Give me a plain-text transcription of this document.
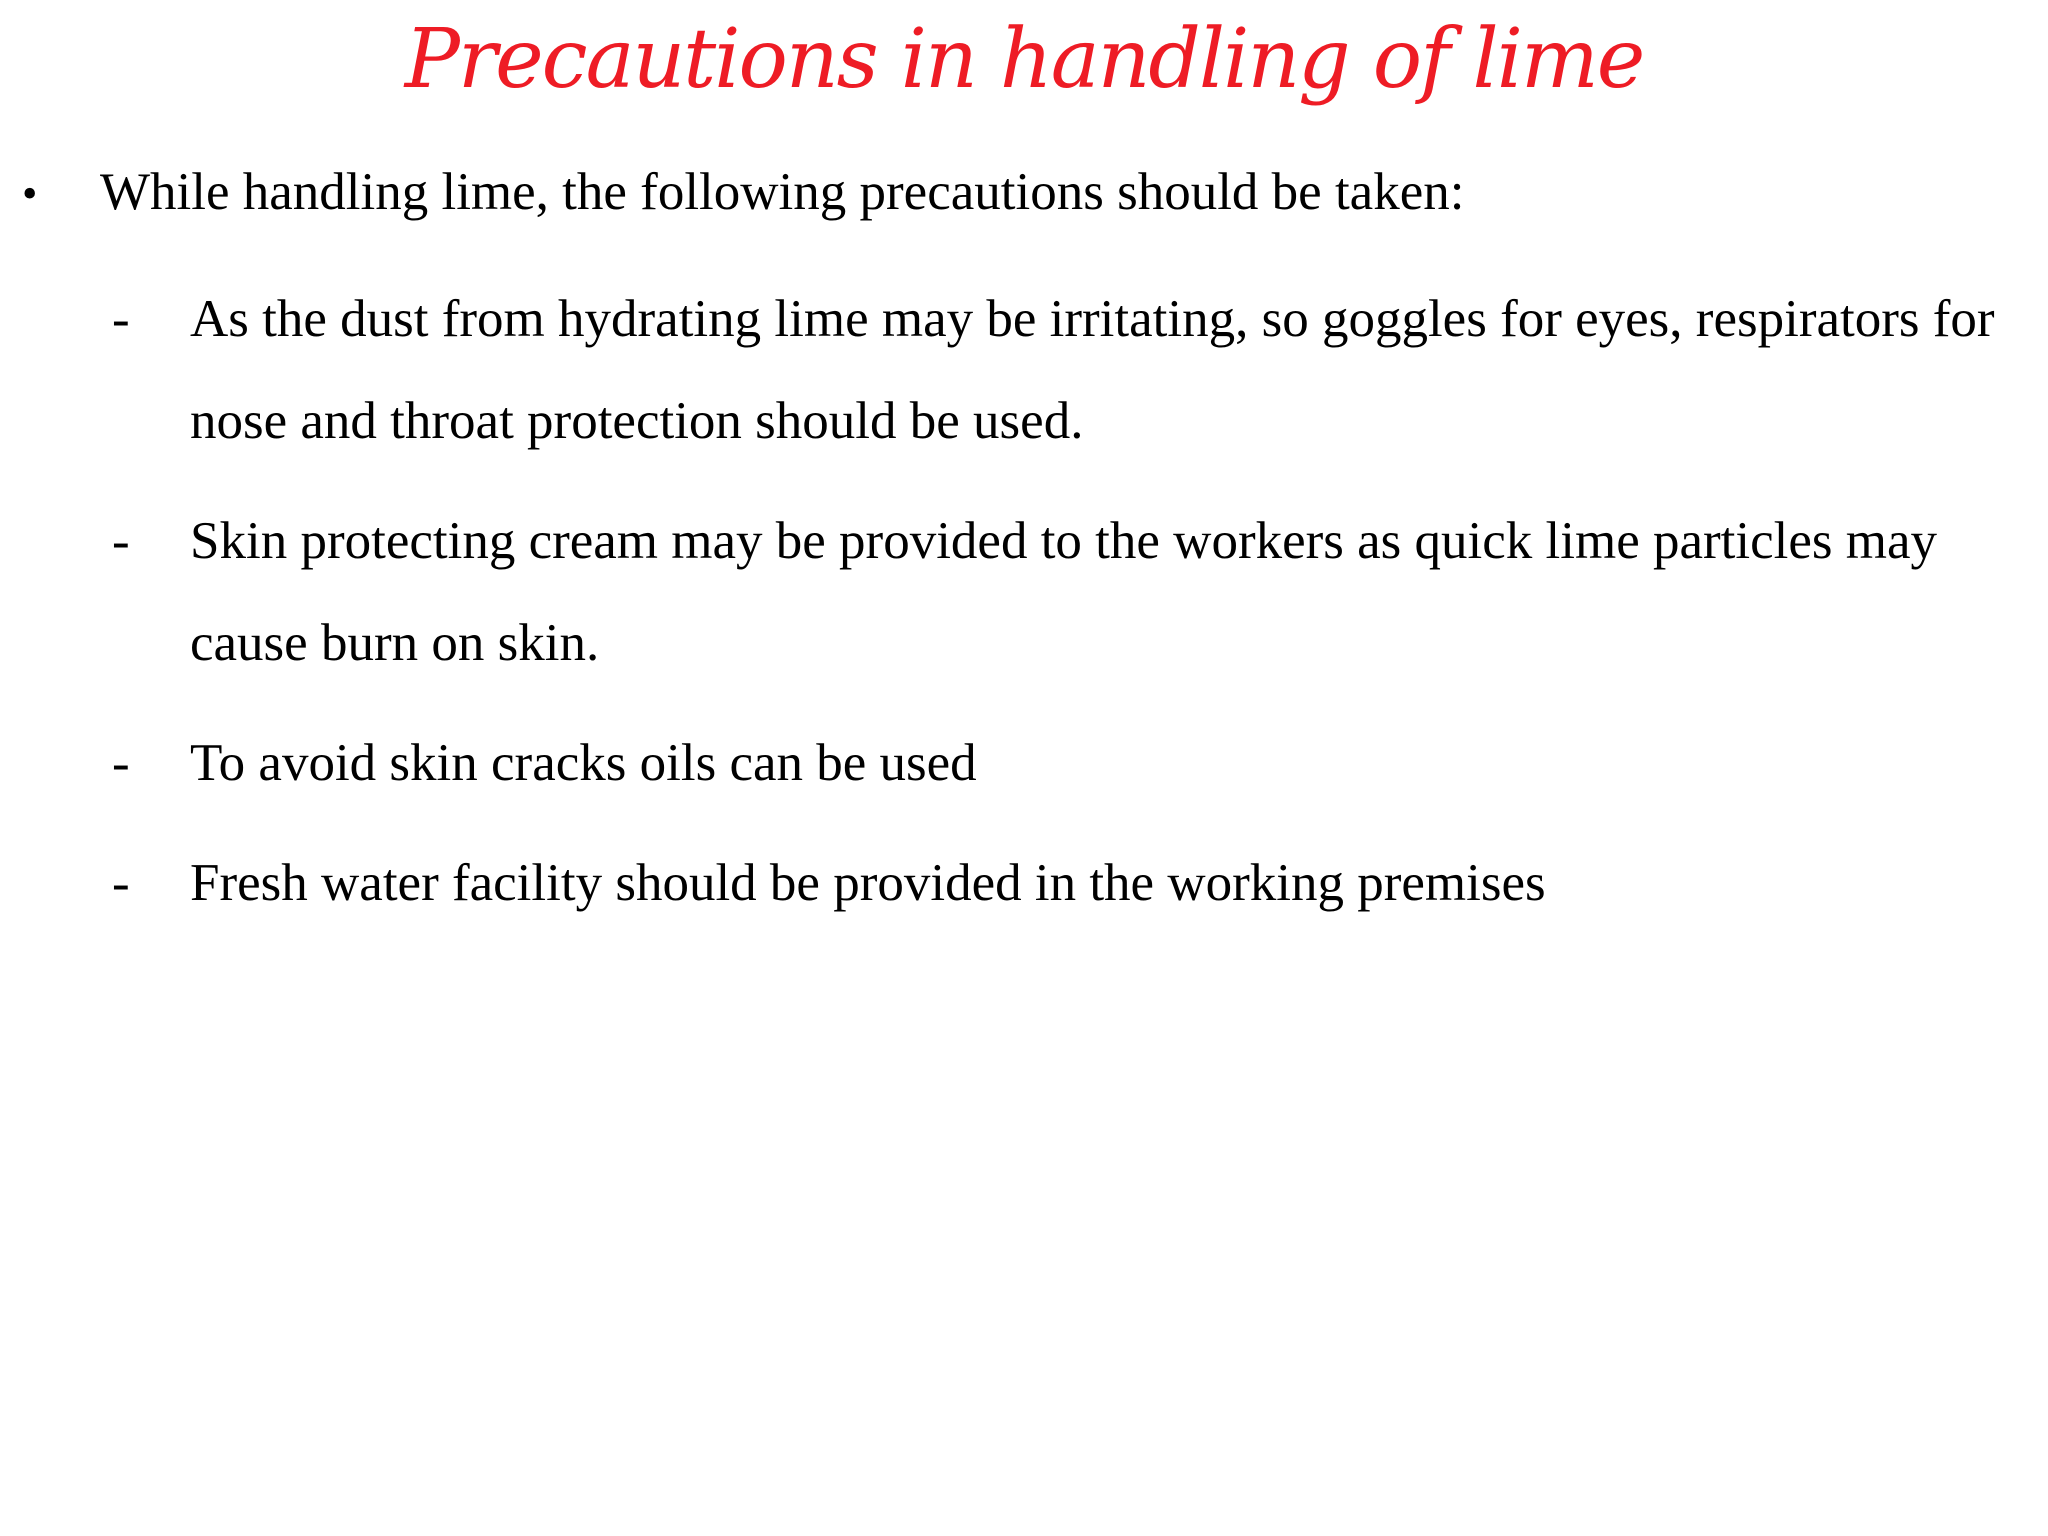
Precautions in handling of lime
• While handling lime, the following precautions should be taken:
- As the dust from hydrating lime may be irritating, so goggles for eyes, respirators for nose and throat protection should be used.
- Skin protecting cream may be provided to the workers as quick lime particles may cause burn on skin.
- To avoid skin cracks oils can be used
- Fresh water facility should be provided in the working premises
